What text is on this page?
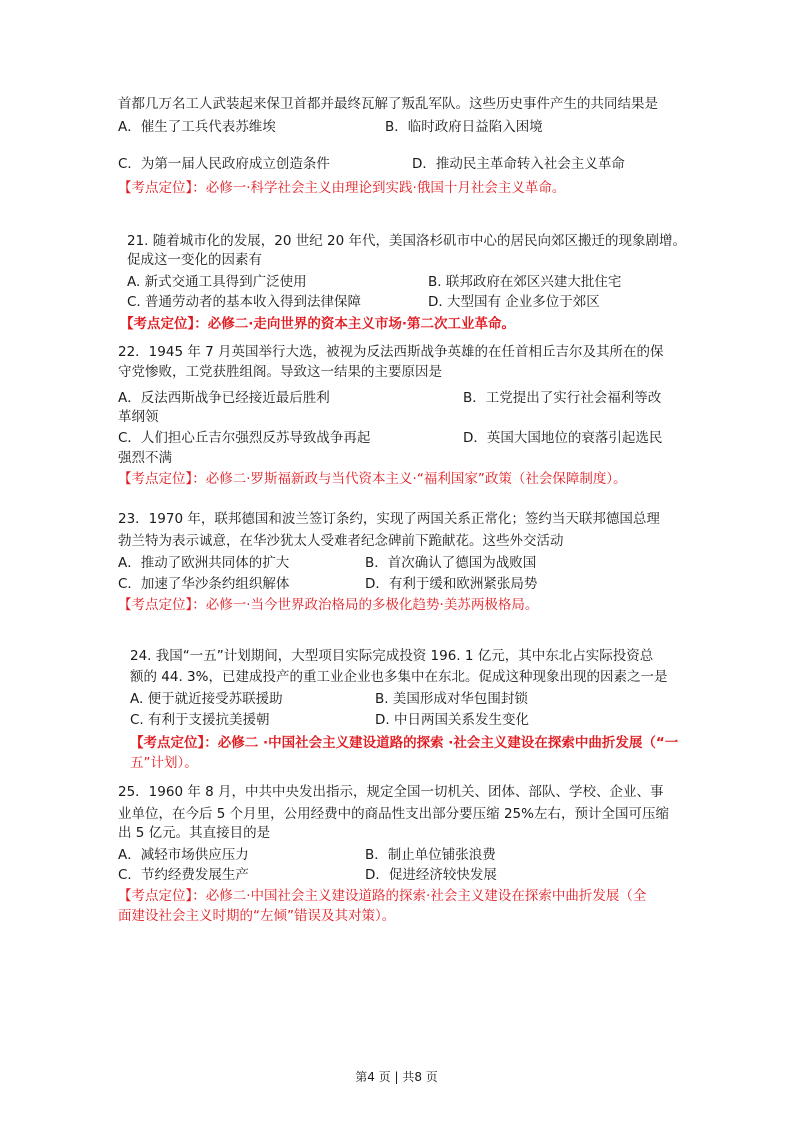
首都几万名工人武装起来保卫首都并最终瓦解了叛乱军队。这些历史事件产生的共同结果是
A．催生了工兵代表苏维埃	B．临时政府日益陷入困境
C．为第一届人民政府成立创造条件	D．推动民主革命转入社会主义革命
【考点定位】：必修一·科学社会主义由理论到实践·俄国十月社会主义革命。
21. 随着城市化的发展，20 世纪 20 年代，美国洛杉矶市中心的居民向郊区搬迁的现象剧增。
促成这一变化的因素有
A. 新式交通工具得到广泛使用	B. 联邦政府在郊区兴建大批住宅
C. 普通劳动者的基本收入得到法律保障	D. 大型国有 企业多位于郊区
【考点定位】：必修二·走向世界的资本主义市场·第二次工业革命。
22．1945 年 7 月英国举行大选，被视为反法西斯战争英雄的在任首相丘吉尔及其所在的保
守党惨败，工党获胜组阁。导致这一结果的主要原因是
A．反法西斯战争已经接近最后胜利	B．工党提出了实行社会福利等改
革纲领
C．人们担心丘吉尔强烈反苏导致战争再起	D．英国大国地位的衰落引起选民
强烈不满
【考点定位】：必修二·罗斯福新政与当代资本主义·“福利国家”政策（社会保障制度）。
23．1970 年，联邦德国和波兰签订条约，实现了两国关系正常化；签约当天联邦德国总理
勃兰特为表示诚意，在华沙犹太人受难者纪念碑前下跪献花。这些外交活动
A．推动了欧洲共同体的扩大	B．首次确认了德国为战败国
C．加速了华沙条约组织解体	D．有利于缓和欧洲紧张局势
【考点定位】：必修一·当今世界政治格局的多极化趋势·美苏两极格局。
24. 我国“一五”计划期间，大型项目实际完成投资 196. 1 亿元，其中东北占实际投资总
额的 44. 3%，已建成投产的重工业企业也多集中在东北。促成这种现象出现的因素之一是
A. 便于就近接受苏联援助	B. 美国形成对华包围封锁
C. 有利于支援抗美援朝	D. 中日两国关系发生变化
【考点定位】：必修二 ·中国社会主义建设道路的探索 ·社会主义建设在探索中曲折发展（“一
五”计划）。
25．1960 年 8 月，中共中央发出指示，规定全国一切机关、团体、部队、学校、企业、事
业单位，在今后 5 个月里，公用经费中的商品性支出部分要压缩 25%左右，预计全国可压缩
出 5 亿元。其直接目的是
A．减轻市场供应压力	B．制止单位铺张浪费
C．节约经费发展生产	D．促进经济较快发展
【考点定位】：必修二·中国社会主义建设道路的探索·社会主义建设在探索中曲折发展（全
面建设社会主义时期的“左倾”错误及其对策）。
第4 页 | 共8 页
